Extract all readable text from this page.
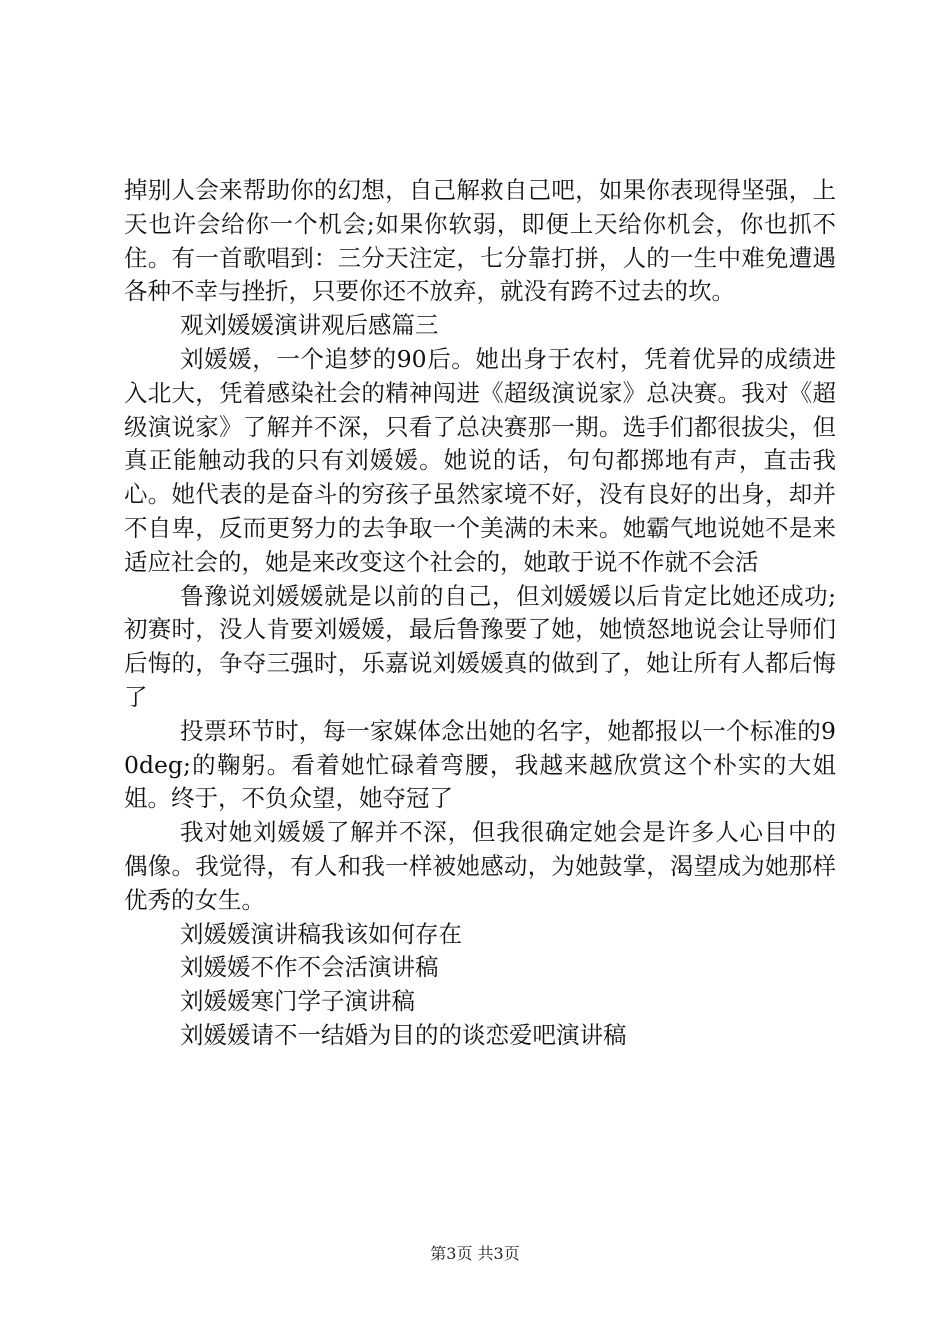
掉别人会来帮助你的幻想，自己解救自己吧，如果你表现得坚强，上天也许会给你一个机会;如果你软弱，即便上天给你机会，你也抓不住。有一首歌唱到：三分天注定，七分靠打拼，人的一生中难免遭遇各种不幸与挫折，只要你还不放弃，就没有跨不过去的坎。

观刘媛媛演讲观后感篇三

刘媛媛，一个追梦的90后。她出身于农村，凭着优异的成绩进入北大，凭着感染社会的精神闯进《超级演说家》总决赛。我对《超级演说家》了解并不深，只看了总决赛那一期。选手们都很拔尖，但真正能触动我的只有刘媛媛。她说的话，句句都掷地有声，直击我心。她代表的是奋斗的穷孩子虽然家境不好，没有良好的出身，却并不自卑，反而更努力的去争取一个美满的未来。她霸气地说她不是来适应社会的，她是来改变这个社会的，她敢于说不作就不会活

鲁豫说刘媛媛就是以前的自己，但刘媛媛以后肯定比她还成功;初赛时，没人肯要刘媛媛，最后鲁豫要了她，她愤怒地说会让导师们后悔的，争夺三强时，乐嘉说刘媛媛真的做到了，她让所有人都后悔了

投票环节时，每一家媒体念出她的名字，她都报以一个标准的90deg;的鞠躬。看着她忙碌着弯腰，我越来越欣赏这个朴实的大姐姐。终于，不负众望，她夺冠了

我对她刘媛媛了解并不深，但我很确定她会是许多人心目中的偶像。我觉得，有人和我一样被她感动，为她鼓掌，渴望成为她那样优秀的女生。

刘媛媛演讲稿我该如何存在

刘媛媛不作不会活演讲稿

刘媛媛寒门学子演讲稿

刘媛媛请不一结婚为目的的谈恋爱吧演讲稿

第3页 共3页
